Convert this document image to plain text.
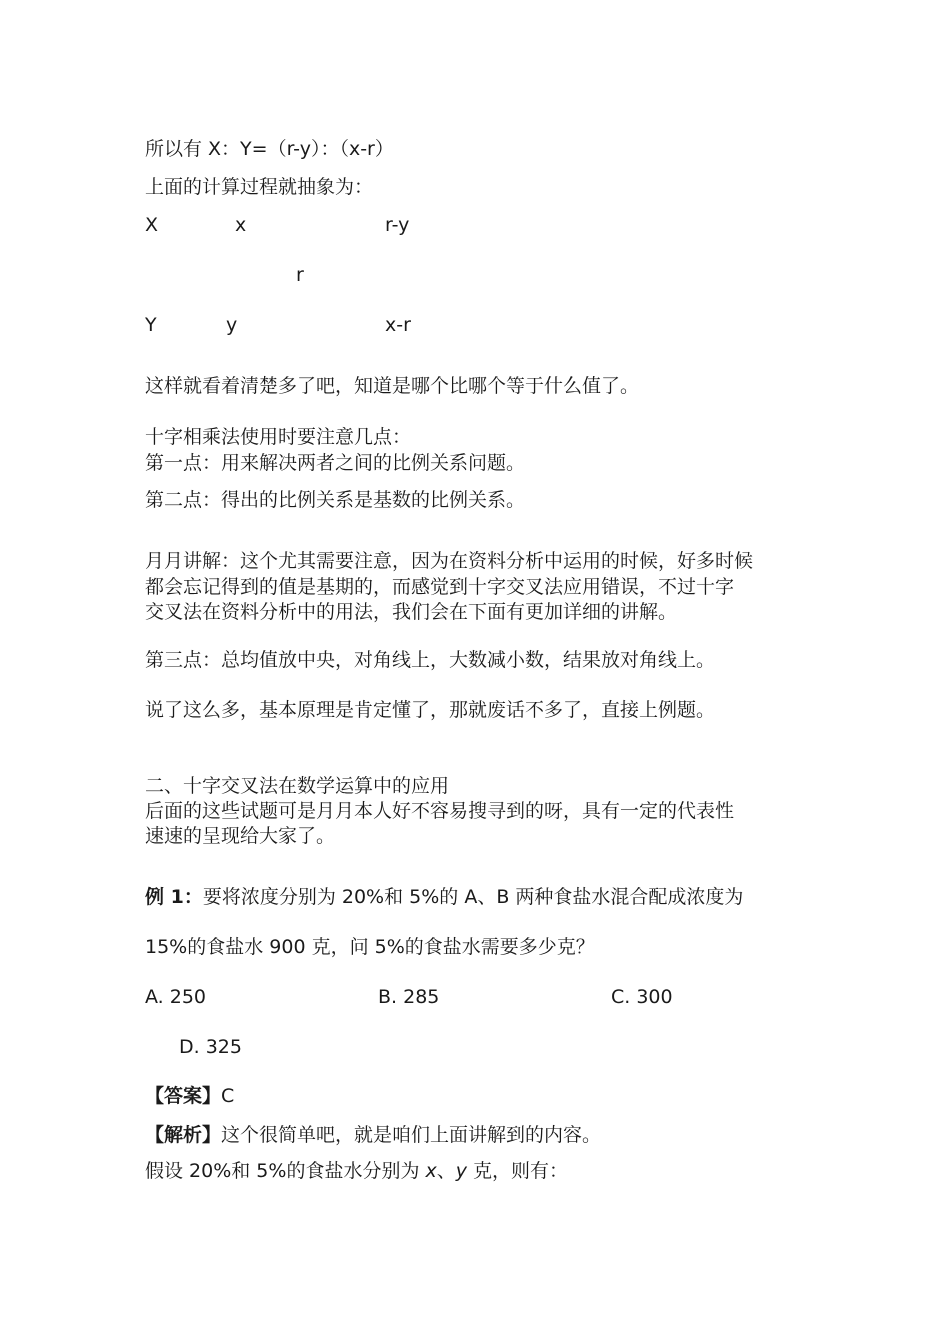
所以有 X：Y=（r-y）：（x-r）
上面的计算过程就抽象为：
X	x	r-y
r
Y	y	x-r
这样就看着清楚多了吧，知道是哪个比哪个等于什么值了。
十字相乘法使用时要注意几点：
第一点：用来解决两者之间的比例关系问题。
第二点：得出的比例关系是基数的比例关系。
月月讲解：这个尤其需要注意，因为在资料分析中运用的时候，好多时候
都会忘记得到的值是基期的，而感觉到十字交叉法应用错误，不过十字
交叉法在资料分析中的用法，我们会在下面有更加详细的讲解。
第三点：总均值放中央，对角线上，大数减小数，结果放对角线上。
说了这么多，基本原理是肯定懂了，那就废话不多了，直接上例题。
二、十字交叉法在数学运算中的应用
后面的这些试题可是月月本人好不容易搜寻到的呀，具有一定的代表性
速速的呈现给大家了。
例 1：要将浓度分别为 20%和 5%的 A、B 两种食盐水混合配成浓度为
15%的食盐水 900 克，问 5%的食盐水需要多少克？
A. 250	B. 285	C. 300
D. 325
【答案】C
【解析】这个很简单吧，就是咱们上面讲解到的内容。
假设 20%和 5%的食盐水分别为 x、y 克，则有：
